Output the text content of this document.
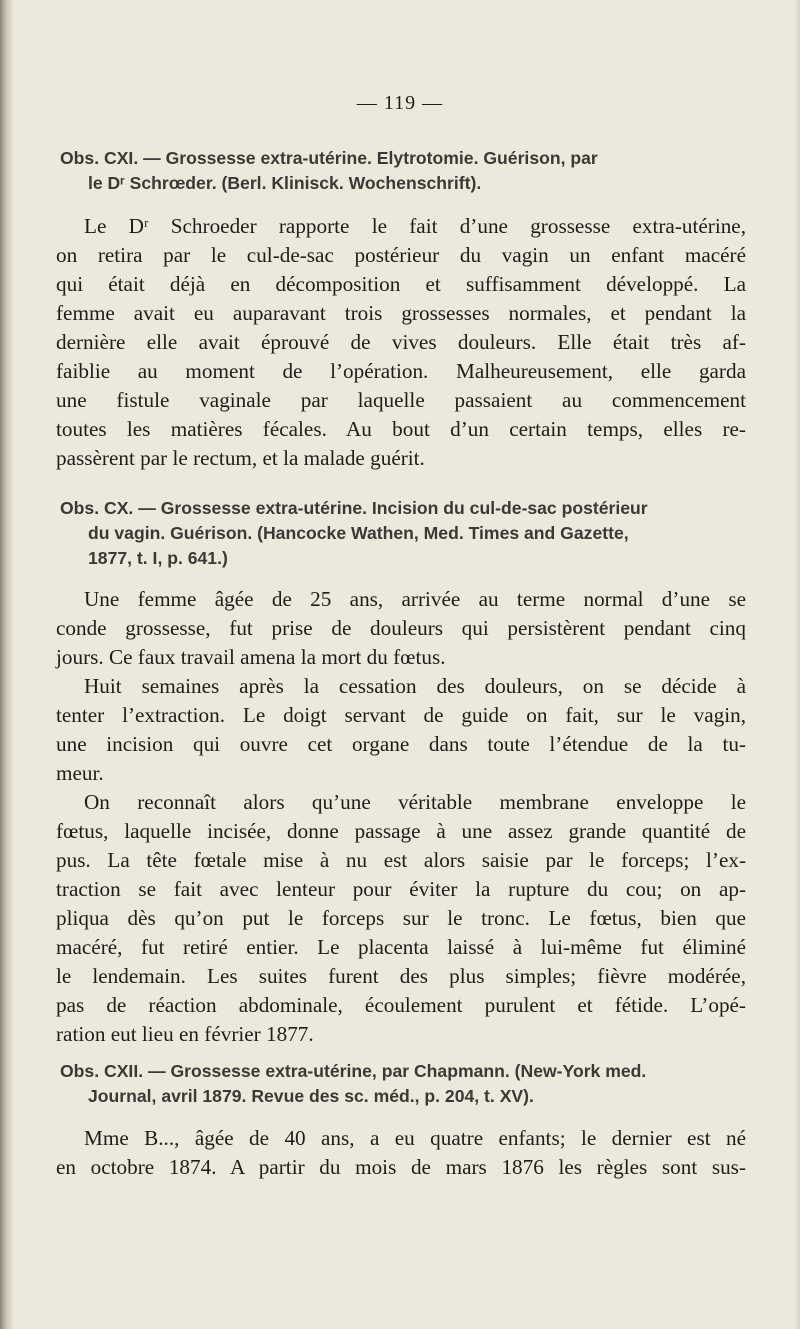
— 119 —
Obs. CXI. — Grossesse extra-utérine. Elytrotomie. Guérison, par
le Dʳ Schrœder. (Berl. Klinisck. Wochenschrift).
Le Dʳ Schroeder rapporte le fait d’une grossesse extra-utérine,
on retira par le cul-de-sac postérieur du vagin un enfant macéré
qui était déjà en décomposition et suffisamment développé. La
femme avait eu auparavant trois grossesses normales, et pendant la
dernière elle avait éprouvé de vives douleurs. Elle était très af-
faiblie au moment de l’opération. Malheureusement, elle garda
une fistule vaginale par laquelle passaient au commencement
toutes les matières fécales. Au bout d’un certain temps, elles re-
passèrent par le rectum, et la malade guérit.
Obs. CX. — Grossesse extra-utérine. Incision du cul-de-sac postérieur
du vagin. Guérison. (Hancocke Wathen, Med. Times and Gazette,
1877, t. I, p. 641.)
Une femme âgée de 25 ans, arrivée au terme normal d’une se
conde grossesse, fut prise de douleurs qui persistèrent pendant cinq
jours. Ce faux travail amena la mort du fœtus.
Huit semaines après la cessation des douleurs, on se décide à
tenter l’extraction. Le doigt servant de guide on fait, sur le vagin,
une incision qui ouvre cet organe dans toute l’étendue de la tu-
meur.
On reconnaît alors qu’une véritable membrane enveloppe le
fœtus, laquelle incisée, donne passage à une assez grande quantité de
pus. La tête fœtale mise à nu est alors saisie par le forceps; l’ex-
traction se fait avec lenteur pour éviter la rupture du cou; on ap-
pliqua dès qu’on put le forceps sur le tronc. Le fœtus, bien que
macéré, fut retiré entier. Le placenta laissé à lui-même fut éliminé
le lendemain. Les suites furent des plus simples; fièvre modérée,
pas de réaction abdominale, écoulement purulent et fétide. L’opé-
ration eut lieu en février 1877.
Obs. CXII. — Grossesse extra-utérine, par Chapmann. (New-York med.
Journal, avril 1879. Revue des sc. méd., p. 204, t. XV).
Mme B..., âgée de 40 ans, a eu quatre enfants; le dernier est né
en octobre 1874. A partir du mois de mars 1876 les règles sont sus-
